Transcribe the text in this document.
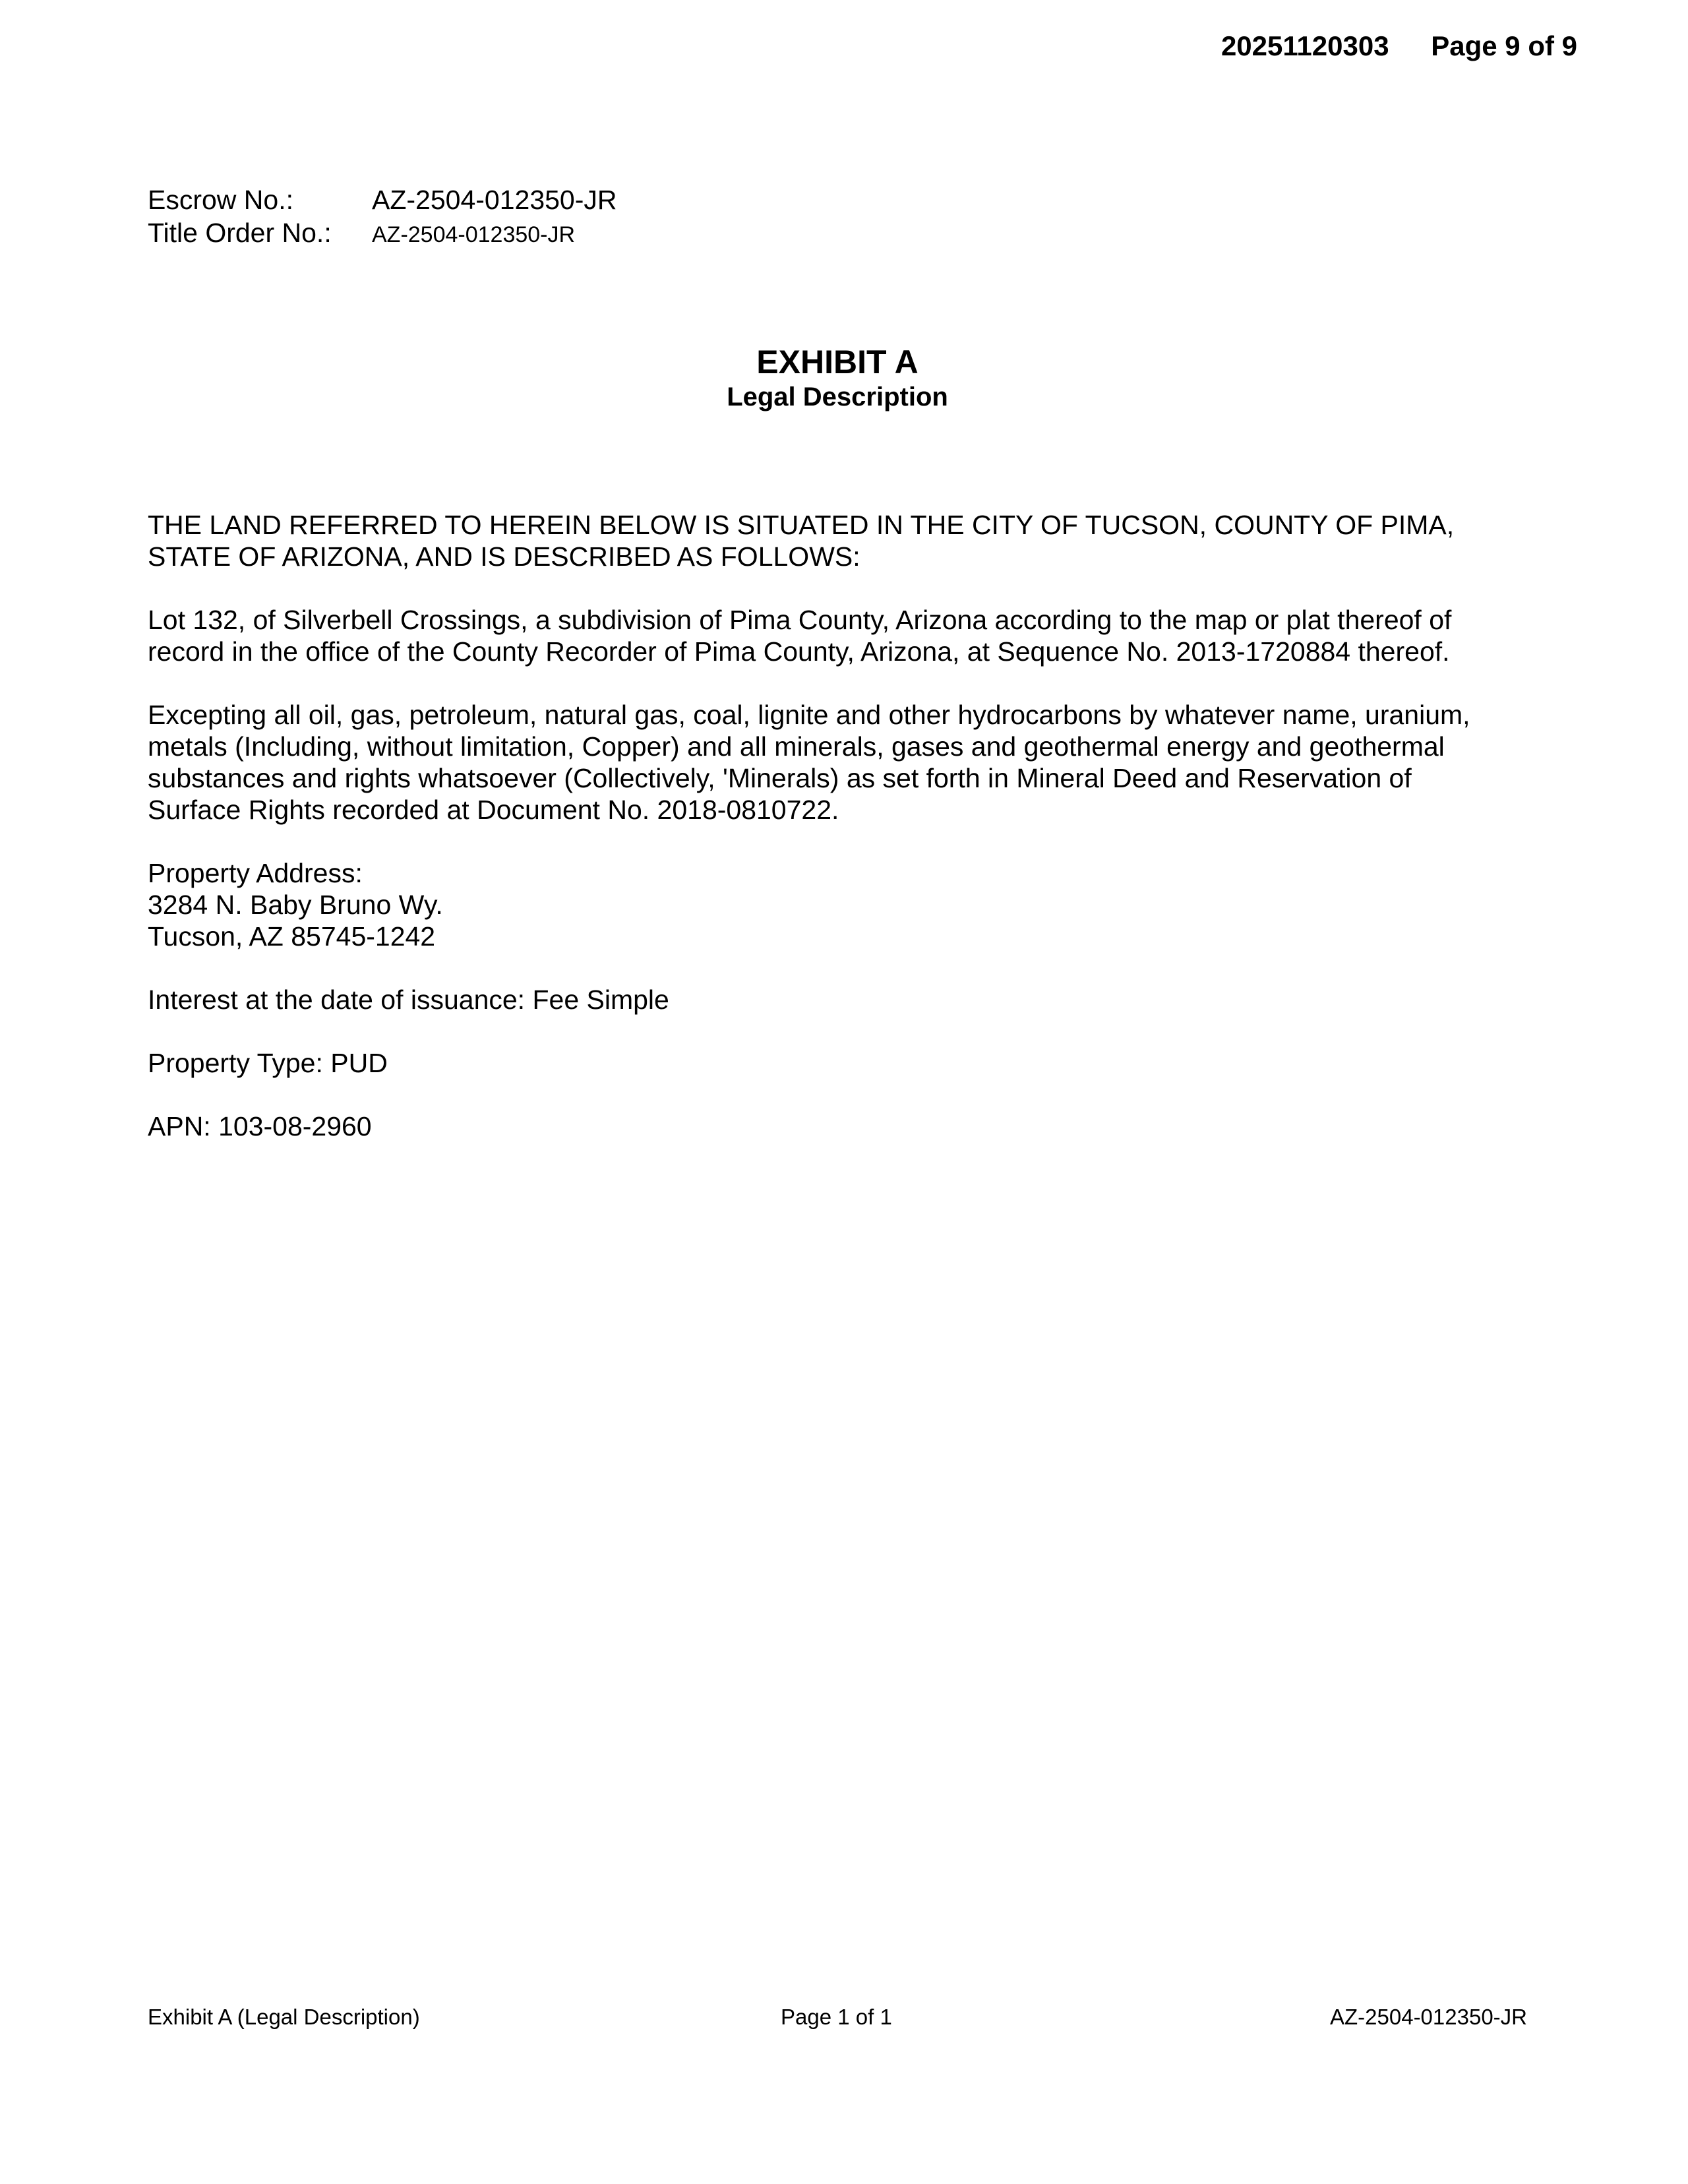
20251120303 Page 9 of 9
Escrow No.:	AZ-2504-012350-JR
Title Order No.:	AZ-2504-012350-JR
EXHIBIT A
Legal Description

THE LAND REFERRED TO HEREIN BELOW IS SITUATED IN THE CITY OF TUCSON, COUNTY OF PIMA,
STATE OF ARIZONA, AND IS DESCRIBED AS FOLLOWS:

Lot 132, of Silverbell Crossings, a subdivision of Pima County, Arizona according to the map or plat thereof of
record in the office of the County Recorder of Pima County, Arizona, at Sequence No. 2013-1720884 thereof.

Excepting all oil, gas, petroleum, natural gas, coal, lignite and other hydrocarbons by whatever name, uranium,
metals (Including, without limitation, Copper) and all minerals, gases and geothermal energy and geothermal
substances and rights whatsoever (Collectively, 'Minerals) as set forth in Mineral Deed and Reservation of
Surface Rights recorded at Document No. 2018-0810722.

Property Address:
3284 N. Baby Bruno Wy.
Tucson, AZ 85745-1242

Interest at the date of issuance: Fee Simple

Property Type: PUD

APN: 103-08-2960

Exhibit A (Legal Description)	Page 1 of 1	AZ-2504-012350-JR
